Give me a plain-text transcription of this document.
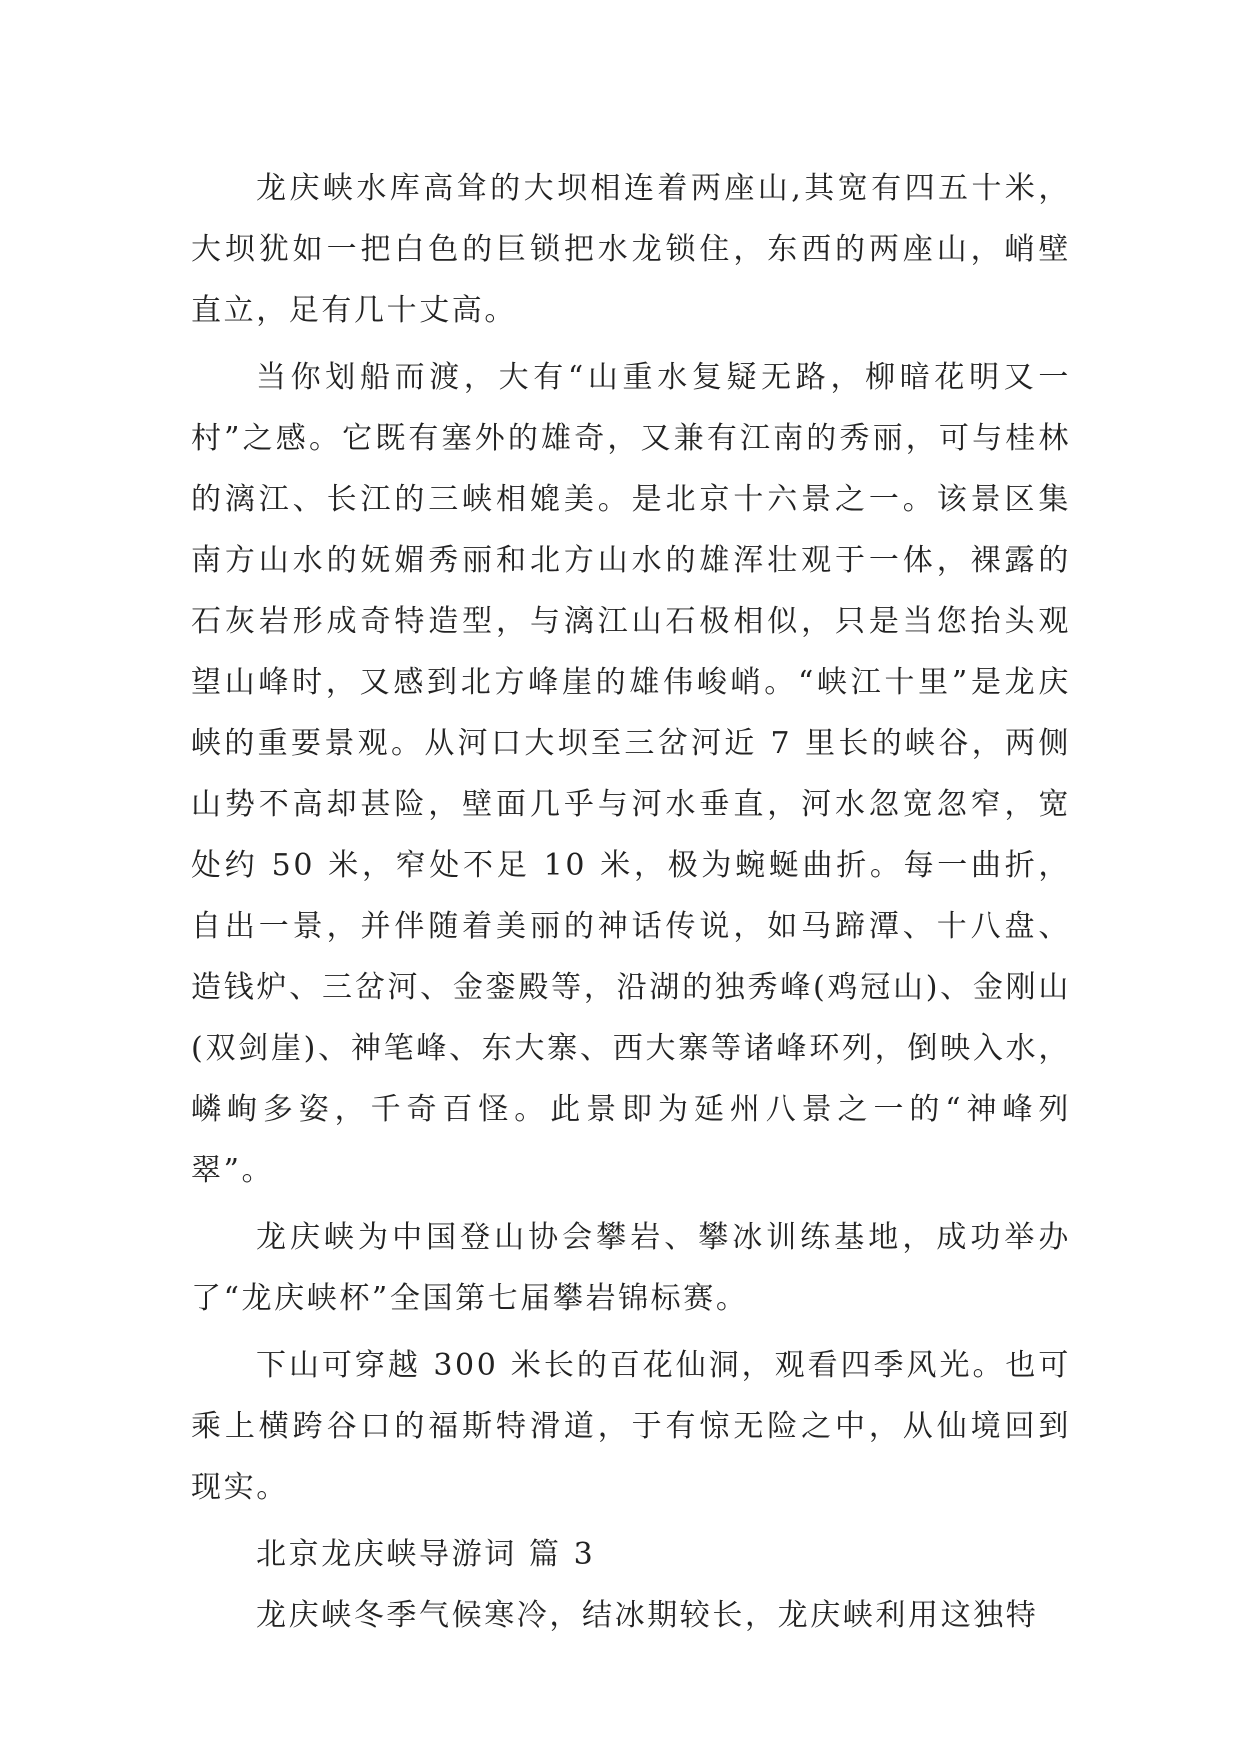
龙庆峡水库高耸的大坝相连着两座山,其宽有四五十米，大坝犹如一把白色的巨锁把水龙锁住，东西的两座山，峭壁直立，足有几十丈高。

当你划船而渡，大有“山重水复疑无路，柳暗花明又一村”之感。它既有塞外的雄奇，又兼有江南的秀丽，可与桂林的漓江、长江的三峡相媲美。是北京十六景之一。该景区集南方山水的妩媚秀丽和北方山水的雄浑壮观于一体，裸露的石灰岩形成奇特造型，与漓江山石极相似，只是当您抬头观望山峰时，又感到北方峰崖的雄伟峻峭。“峡江十里”是龙庆峡的重要景观。从河口大坝至三岔河近 7 里长的峡谷，两侧山势不高却甚险，壁面几乎与河水垂直，河水忽宽忽窄，宽处约 50 米，窄处不足 10 米，极为蜿蜒曲折。每一曲折，自出一景，并伴随着美丽的神话传说，如马蹄潭、十八盘、造钱炉、三岔河、金銮殿等，沿湖的独秀峰(鸡冠山)、金刚山(双剑崖)、神笔峰、东大寨、西大寨等诸峰环列，倒映入水，嶙峋多姿，千奇百怪。此景即为延州八景之一的“神峰列翠”。

龙庆峡为中国登山协会攀岩、攀冰训练基地，成功举办了“龙庆峡杯”全国第七届攀岩锦标赛。

下山可穿越 300 米长的百花仙洞，观看四季风光。也可乘上横跨谷口的福斯特滑道，于有惊无险之中，从仙境回到现实。

北京龙庆峡导游词 篇 3

龙庆峡冬季气候寒冷，结冰期较长，龙庆峡利用这独特
